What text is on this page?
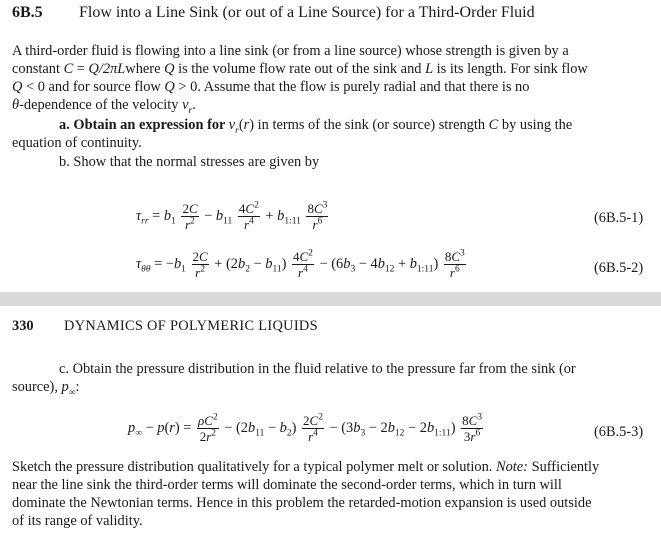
6B.5 Flow into a Line Sink (or out of a Line Source) for a Third-Order Fluid
A third-order fluid is flowing into a line sink (or from a line source) whose strength is given by a
constant C = Q/2πLwhere Q is the volume flow rate out of the sink and L is its length. For sink flow
Q < 0 and for source flow Q > 0. Assume that the flow is purely radial and that there is no
θ-dependence of the velocity $v_r$.
a. Obtain an expression for $v_r(r)$ in terms of the sink (or source) strength C by using the
equation of continuity.
b. Show that the normal stresses are given by
$\tau_{rr} = b_1 \frac{2C}{r^2} - b_{11} \frac{4C^2}{r^4} + b_{1:11} \frac{8C^3}{r^6}$	(6B.5-1)
$\tau_{\theta\theta} = -b_1 \frac{2C}{r^2} + (2b_2 - b_{11}) \frac{4C^2}{r^4} - (6b_3 - 4b_{12} + b_{1:11}) \frac{8C^3}{r^6}$	(6B.5-2)
330 DYNAMICS OF POLYMERIC LIQUIDS
c. Obtain the pressure distribution in the fluid relative to the pressure far from the sink (or
source), $p_\infty$:
$p_\infty - p(r) = \frac{\rho C^2}{2r^2} - (2b_{11} - b_2) \frac{2C^2}{r^4} - (3b_3 - 2b_{12} - 2b_{1:11}) \frac{8C^3}{3r^6}$	(6B.5-3)
Sketch the pressure distribution qualitatively for a typical polymer melt or solution. Note: Sufficiently
near the line sink the third-order terms will dominate the second-order terms, which in turn will
dominate the Newtonian terms. Hence in this problem the retarded-motion expansion is used outside
of its range of validity.
